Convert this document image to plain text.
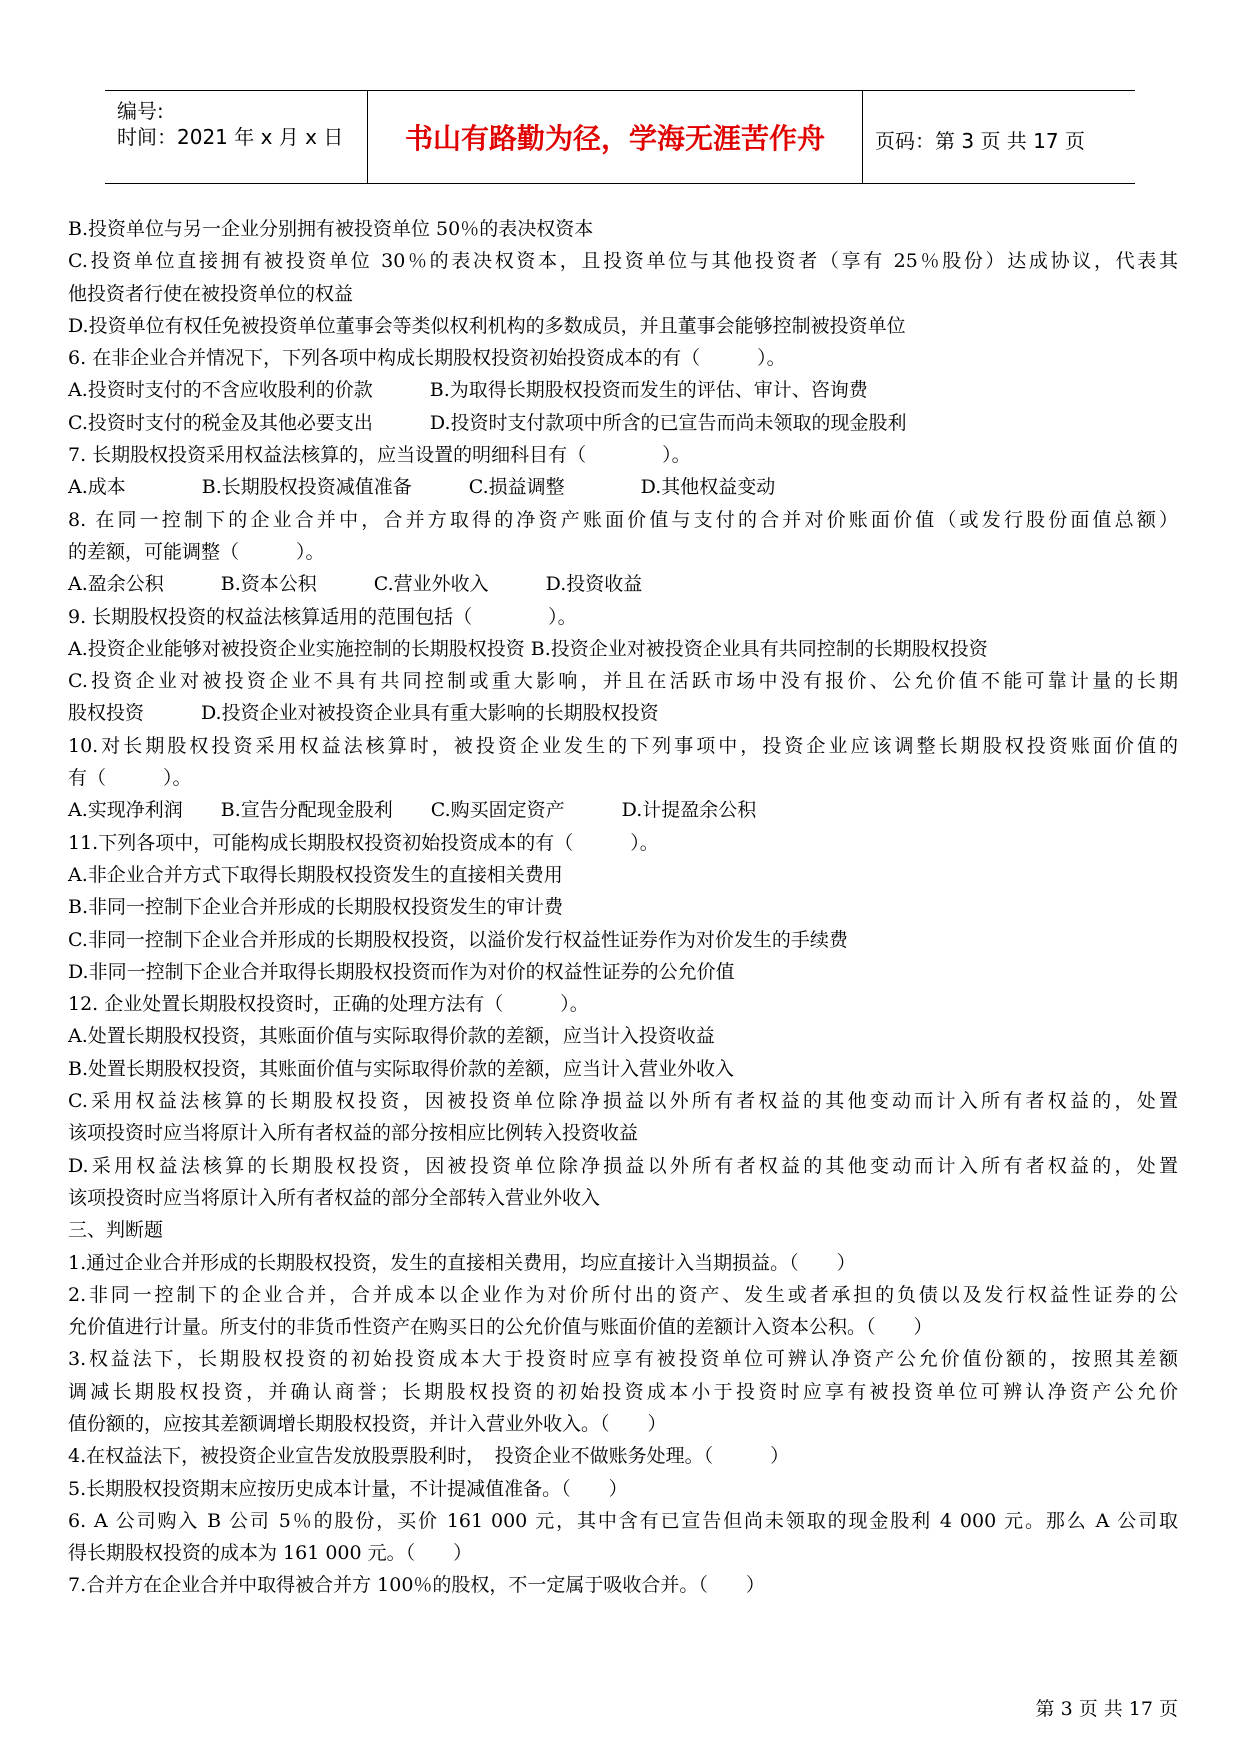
编号:
时间：2021 年 x 月 x 日	书山有路勤为径，学海无涯苦作舟	页码：第 3 页 共 17 页
B.投资单位与另一企业分别拥有被投资单位 50％的表决权资本
C.投资单位直接拥有被投资单位 30％的表决权资本，且投资单位与其他投资者（享有 25％股份）达成协议，代表其
他投资者行使在被投资单位的权益
D.投资单位有权任免被投资单位董事会等类似权利机构的多数成员，并且董事会能够控制被投资单位
6. 在非企业合并情况下，下列各项中构成长期股权投资初始投资成本的有（　　　）。
A.投资时支付的不含应收股利的价款　　　B.为取得长期股权投资而发生的评估、审计、咨询费
C.投资时支付的税金及其他必要支出　　　D.投资时支付款项中所含的已宣告而尚未领取的现金股利
7. 长期股权投资采用权益法核算的，应当设置的明细科目有（　　　　）。
A.成本　　　　B.长期股权投资减值准备　　　C.损益调整　　　　D.其他权益变动
8. 在同一控制下的企业合并中，合并方取得的净资产账面价值与支付的合并对价账面价值（或发行股份面值总额）
的差额，可能调整（　　　）。
A.盈余公积　　　B.资本公积　　　C.营业外收入　　　D.投资收益
9. 长期股权投资的权益法核算适用的范围包括（　　　　）。
A.投资企业能够对被投资企业实施控制的长期股权投资 B.投资企业对被投资企业具有共同控制的长期股权投资
C.投资企业对被投资企业不具有共同控制或重大影响，并且在活跃市场中没有报价、公允价值不能可靠计量的长期
股权投资　　　D.投资企业对被投资企业具有重大影响的长期股权投资
10.对长期股权投资采用权益法核算时，被投资企业发生的下列事项中，投资企业应该调整长期股权投资账面价值的
有（　　　）。
A.实现净利润　　B.宣告分配现金股利　　C.购买固定资产　　　D.计提盈余公积
11.下列各项中，可能构成长期股权投资初始投资成本的有（　　　）。
A.非企业合并方式下取得长期股权投资发生的直接相关费用
B.非同一控制下企业合并形成的长期股权投资发生的审计费
C.非同一控制下企业合并形成的长期股权投资，以溢价发行权益性证券作为对价发生的手续费
D.非同一控制下企业合并取得长期股权投资而作为对价的权益性证券的公允价值
12. 企业处置长期股权投资时，正确的处理方法有（　　　）。
A.处置长期股权投资，其账面价值与实际取得价款的差额，应当计入投资收益
B.处置长期股权投资，其账面价值与实际取得价款的差额，应当计入营业外收入
C.采用权益法核算的长期股权投资，因被投资单位除净损益以外所有者权益的其他变动而计入所有者权益的，处置
该项投资时应当将原计入所有者权益的部分按相应比例转入投资收益
D.采用权益法核算的长期股权投资，因被投资单位除净损益以外所有者权益的其他变动而计入所有者权益的，处置
该项投资时应当将原计入所有者权益的部分全部转入营业外收入
三、判断题
1.通过企业合并形成的长期股权投资，发生的直接相关费用，均应直接计入当期损益。（　　）
2.非同一控制下的企业合并，合并成本以企业作为对价所付出的资产、发生或者承担的负债以及发行权益性证券的公
允价值进行计量。所支付的非货币性资产在购买日的公允价值与账面价值的差额计入资本公积。（　　）
3.权益法下，长期股权投资的初始投资成本大于投资时应享有被投资单位可辨认净资产公允价值份额的，按照其差额
调减长期股权投资，并确认商誉；长期股权投资的初始投资成本小于投资时应享有被投资单位可辨认净资产公允价
值份额的，应按其差额调增长期股权投资，并计入营业外收入。（　　）
4.在权益法下，被投资企业宣告发放股票股利时，　投资企业不做账务处理。（　　　）
5.长期股权投资期末应按历史成本计量，不计提减值准备。（　　）
6. A 公司购入 B 公司 5％的股份，买价 161 000 元，其中含有已宣告但尚未领取的现金股利 4 000 元。那么 A 公司取
得长期股权投资的成本为 161 000 元。（　　）
7.合并方在企业合并中取得被合并方 100％的股权，不一定属于吸收合并。（　　）
第 3 页 共 17 页
